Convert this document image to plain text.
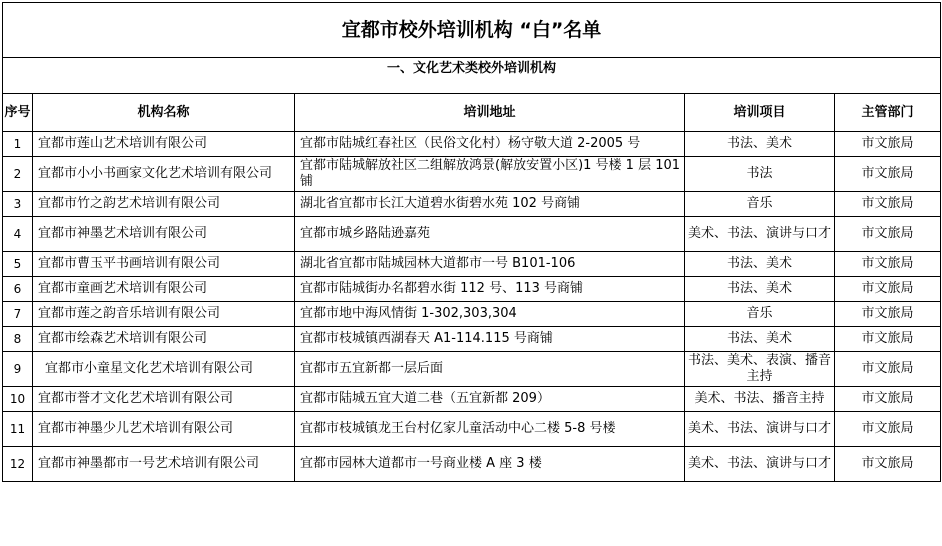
宜都市校外培训机构 “白”名单				
一、文化艺术类校外培训机构				
序号	机构名称	培训地址	培训项目	主管部门
1	宜都市莲山艺术培训有限公司	宜都市陆城红春社区（民俗文化村）杨守敬大道 2-2005 号	书法、美术	市文旅局
2	宜都市小小书画家文化艺术培训有限公司	宜都市陆城解放社区二组解放鸿景(解放安置小区)1 号楼 1 层 101 铺	书法	市文旅局
3	宜都市竹之韵艺术培训有限公司	湖北省宜都市长江大道碧水街碧水苑 102 号商铺	音乐	市文旅局
4	宜都市神墨艺术培训有限公司	宜都市城乡路陆逊嘉苑	美术、书法、演讲与口才	市文旅局
5	宜都市曹玉平书画培训有限公司	湖北省宜都市陆城园林大道都市一号 B101-106	书法、美术	市文旅局
6	宜都市童画艺术培训有限公司	宜都市陆城街办名都碧水街 112 号、113 号商铺	书法、美术	市文旅局
7	宜都市莲之韵音乐培训有限公司	宜都市地中海风情街 1-302,303,304	音乐	市文旅局
8	宜都市绘森艺术培训有限公司	宜都市枝城镇西湖春天 A1-114.115 号商铺	书法、美术	市文旅局
9	宜都市小童星文化艺术培训有限公司	宜都市五宜新都一层后面	书法、美术、表演、播音主持	市文旅局
10	宜都市誉才文化艺术培训有限公司	宜都市陆城五宜大道二巷（五宜新都 209）	美术、书法、播音主持	市文旅局
11	宜都市神墨少儿艺术培训有限公司	宜都市枝城镇龙王台村亿家儿童活动中心二楼 5-8 号楼	美术、书法、演讲与口才	市文旅局
12	宜都市神墨都市一号艺术培训有限公司	宜都市园林大道都市一号商业楼 A 座 3 楼	美术、书法、演讲与口才	市文旅局
